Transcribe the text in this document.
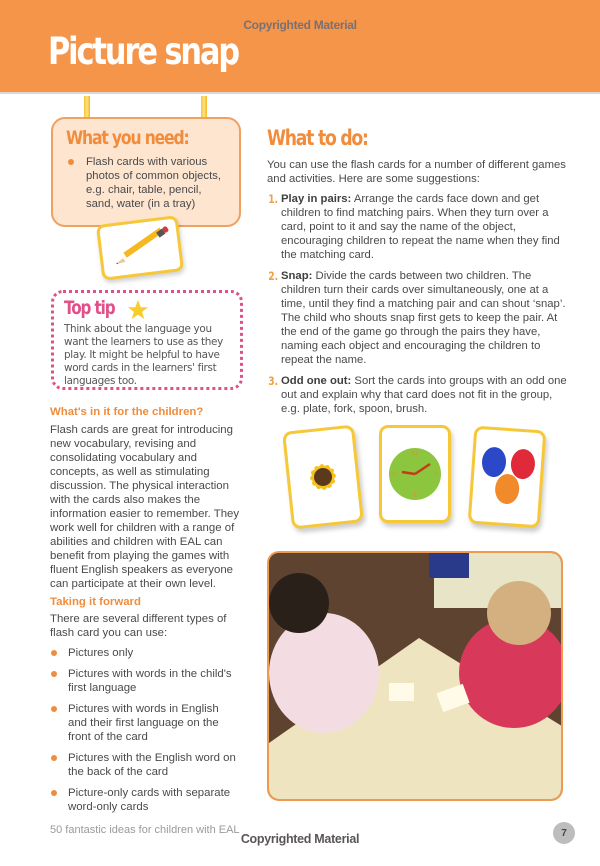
Picture snap
Copyrighted Material
What you need:
Flash cards with various photos of common objects, e.g. chair, table, pencil, sand, water (in a tray)
Top tip
Think about the language you want the learners to use as they play. It might be helpful to have word cards in the learners' first languages too.
What's in it for the children?
Flash cards are great for introducing new vocabulary, revising and consolidating vocabulary and concepts, as well as stimulating discussion. The physical interaction with the cards also makes the information easier to remember. They work well for children with a range of abilities and children with EAL can benefit from playing the games with fluent English speakers as everyone can participate at their own level.
Taking it forward
There are several different types of flash card you can use:
Pictures only
Pictures with words in the child's first language
Pictures with words in English and their first language on the front of the card
Pictures with the English word on the back of the card
Picture-only cards with separate word-only cards
What to do:
You can use the flash cards for a number of different games and activities. Here are some suggestions:
1. Play in pairs: Arrange the cards face down and get children to find matching pairs. When they turn over a card, point to it and say the name of the object, encouraging children to repeat the name when they find the matching card.
2. Snap: Divide the cards between two children. The children turn their cards over simultaneously, one at a time, until they find a matching pair and can shout ‘snap’. The child who shouts snap first gets to keep the pair. At the end of the game go through the pairs they have, naming each object and encouraging the children to repeat the name.
3. Odd one out: Sort the cards into groups with an odd one out and explain why that card does not fit in the group, e.g. plate, fork, spoon, brush.
12
3
6
9
50 fantastic ideas for children with EAL
Copyrighted Material	7
